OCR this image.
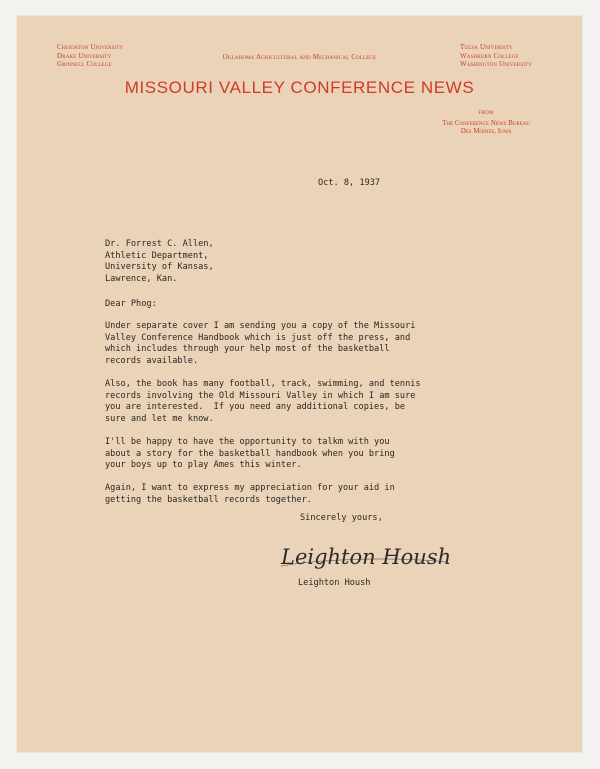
Creighton University
Drake University
Grinnell College
Oklahoma Agricultural and Mechanical College
Tulsa University
Washburn College
Washington University
MISSOURI VALLEY CONFERENCE NEWS
FROM
The Conference News Bureau
Des Moines, Iowa
Oct. 8, 1937
Dr. Forrest C. Allen,
Athletic Department,
University of Kansas,
Lawrence, Kan.
Dear Phog:
Under separate cover I am sending you a copy of the Missouri
Valley Conference Handbook which is just off the press, and
which includes through your help most of the basketball
records available.
Also, the book has many football, track, swimming, and tennis
records involving the Old Missouri Valley in which I am sure
you are interested.  If you need any additional copies, be
sure and let me know.
I'll be happy to have the opportunity to talkm with you
about a story for the basketball handbook when you bring
your boys up to play Ames this winter.
Again, I want to express my appreciation for your aid in
getting the basketball records together.
Sincerely yours,
Leighton Housh
Leighton Housh
